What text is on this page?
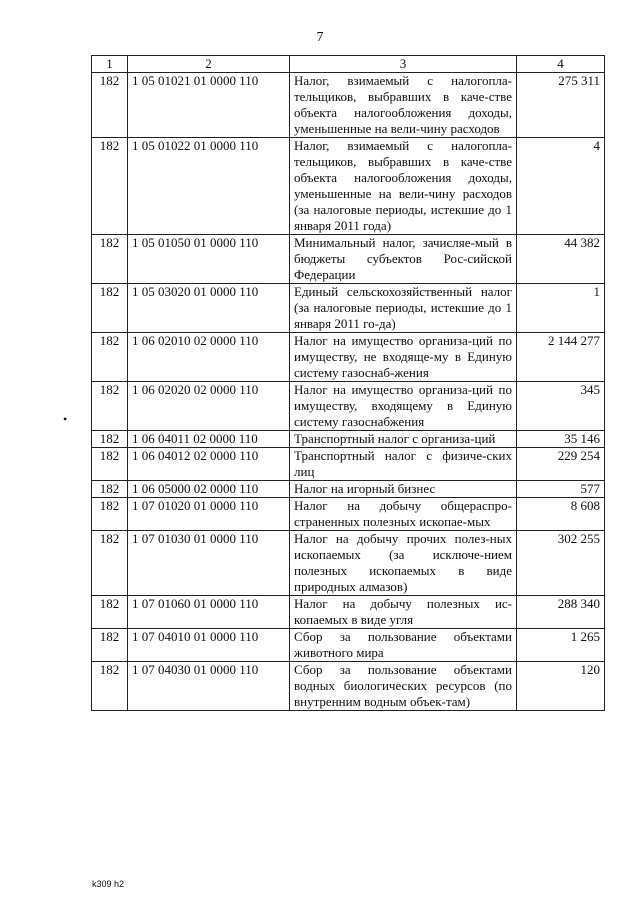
7
1	2	3	4
182	1 05 01021 01 0000 110	Налог, взимаемый с налогопла-тельщиков, выбравших в каче-стве объекта налогообложения доходы, уменьшенные на вели-чину расходов	275 311
182	1 05 01022 01 0000 110	Налог, взимаемый с налогопла-тельщиков, выбравших в каче-стве объекта налогообложения доходы, уменьшенные на вели-чину расходов (за налоговые периоды, истекшие до 1 января 2011 года)	4
182	1 05 01050 01 0000 110	Минимальный налог, зачисляе-мый в бюджеты субъектов Рос-сийской Федерации	44 382
182	1 05 03020 01 0000 110	Единый сельскохозяйственный налог (за налоговые периоды, истекшие до 1 января 2011 го-да)	1
182	1 06 02010 02 0000 110	Налог на имущество организа-ций по имуществу, не входяще-му в Единую систему газоснаб-жения	2 144 277
182	1 06 02020 02 0000 110	Налог на имущество организа-ций по имуществу, входящему в Единую систему газоснабжения	345
182	1 06 04011 02 0000 110	Транспортный налог с организа-ций	35 146
182	1 06 04012 02 0000 110	Транспортный налог с физиче-ских лиц	229 254
182	1 06 05000 02 0000 110	Налог на игорный бизнес	577
182	1 07 01020 01 0000 110	Налог на добычу общераспро-страненных полезных ископае-мых	8 608
182	1 07 01030 01 0000 110	Налог на добычу прочих полез-ных ископаемых (за исключе-нием полезных ископаемых в виде природных алмазов)	302 255
182	1 07 01060 01 0000 110	Налог на добычу полезных ис-копаемых в виде угля	288 340
182	1 07 04010 01 0000 110	Сбор за пользование объектами животного мира	1 265
182	1 07 04030 01 0000 110	Сбор за пользование объектами водных биологических ресурсов (по внутренним водным объек-там)	120
•
k309 h2
